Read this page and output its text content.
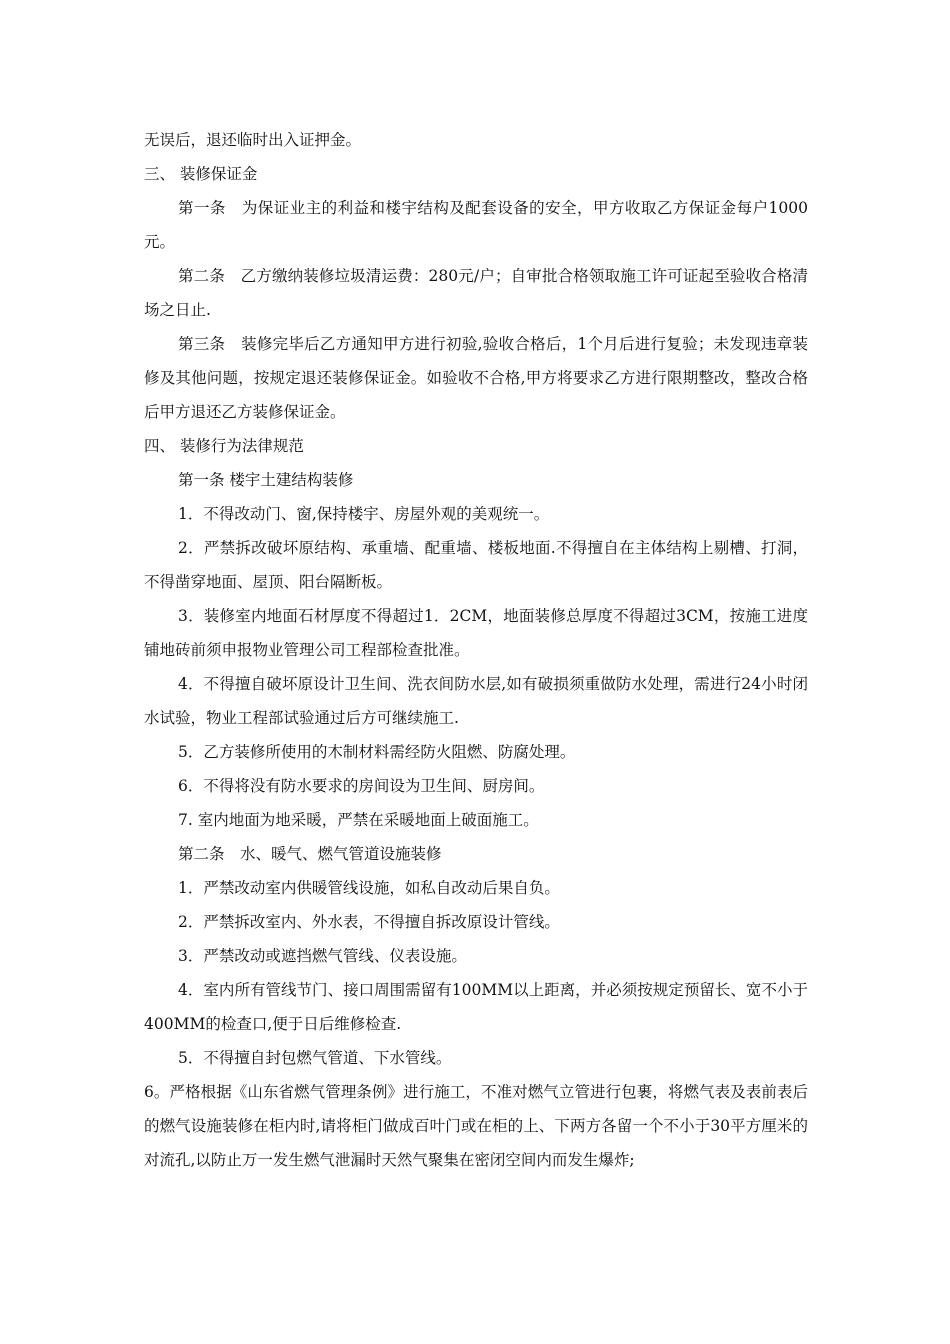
无误后，退还临时出入证押金。

三、 装修保证金

第一条　为保证业主的利益和楼宇结构及配套设备的安全，甲方收取乙方保证金每户1000元。

第二条　乙方缴纳装修垃圾清运费：280元/户；自审批合格领取施工许可证起至验收合格清场之日止.

第三条　装修完毕后乙方通知甲方进行初验,验收合格后，1个月后进行复验；未发现违章装修及其他问题，按规定退还装修保证金。如验收不合格,甲方将要求乙方进行限期整改，整改合格后甲方退还乙方装修保证金。

四、 装修行为法律规范

第一条 楼宇土建结构装修

1．不得改动门、窗,保持楼宇、房屋外观的美观统一。

2．严禁拆改破坏原结构、承重墙、配重墙、楼板地面.不得擅自在主体结构上剔槽、打洞，不得凿穿地面、屋顶、阳台隔断板。

3．装修室内地面石材厚度不得超过1．2CM，地面装修总厚度不得超过3CM，按施工进度铺地砖前须申报物业管理公司工程部检查批准。

4．不得擅自破坏原设计卫生间、洗衣间防水层,如有破损须重做防水处理，需进行24小时闭水试验，物业工程部试验通过后方可继续施工.

5．乙方装修所使用的木制材料需经防火阻燃、防腐处理。

6．不得将没有防水要求的房间设为卫生间、厨房间。

7. 室内地面为地采暖，严禁在采暖地面上破面施工。

第二条　水、暖气、燃气管道设施装修

1．严禁改动室内供暖管线设施，如私自改动后果自负。

2．严禁拆改室内、外水表，不得擅自拆改原设计管线。

3．严禁改动或遮挡燃气管线、仪表设施。

4．室内所有管线节门、接口周围需留有100MM以上距离，并必须按规定预留长、宽不小于400MM的检查口,便于日后维修检查.

5．不得擅自封包燃气管道、下水管线。

6。严格根据《山东省燃气管理条例》进行施工，不准对燃气立管进行包裹，将燃气表及表前表后的燃气设施装修在柜内时,请将柜门做成百叶门或在柜的上、下两方各留一个不小于30平方厘米的对流孔,以防止万一发生燃气泄漏时天然气聚集在密闭空间内而发生爆炸;
